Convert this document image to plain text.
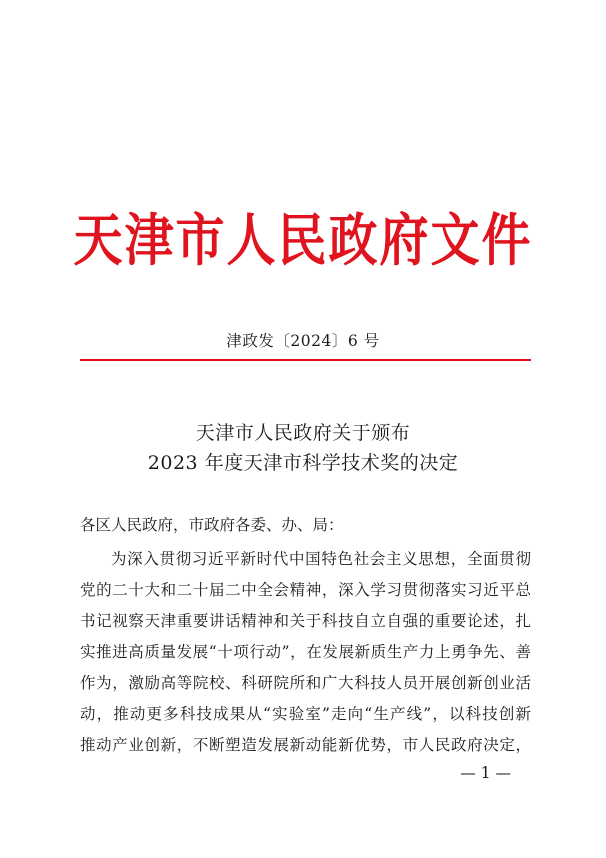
天津市人民政府文件
津政发〔2024〕6 号
天津市人民政府关于颁布
2023 年度天津市科学技术奖的决定
各区人民政府，市政府各委、办、局：
为深入贯彻习近平新时代中国特色社会主义思想，全面贯彻
党的二十大和二十届二中全会精神，深入学习贯彻落实习近平总
书记视察天津重要讲话精神和关于科技自立自强的重要论述，扎
实推进高质量发展“十项行动”，在发展新质生产力上勇争先、善
作为，激励高等院校、科研院所和广大科技人员开展创新创业活
动，推动更多科技成果从“实验室”走向“生产线”，以科技创新
推动产业创新，不断塑造发展新动能新优势，市人民政府决定，
— 1 —
